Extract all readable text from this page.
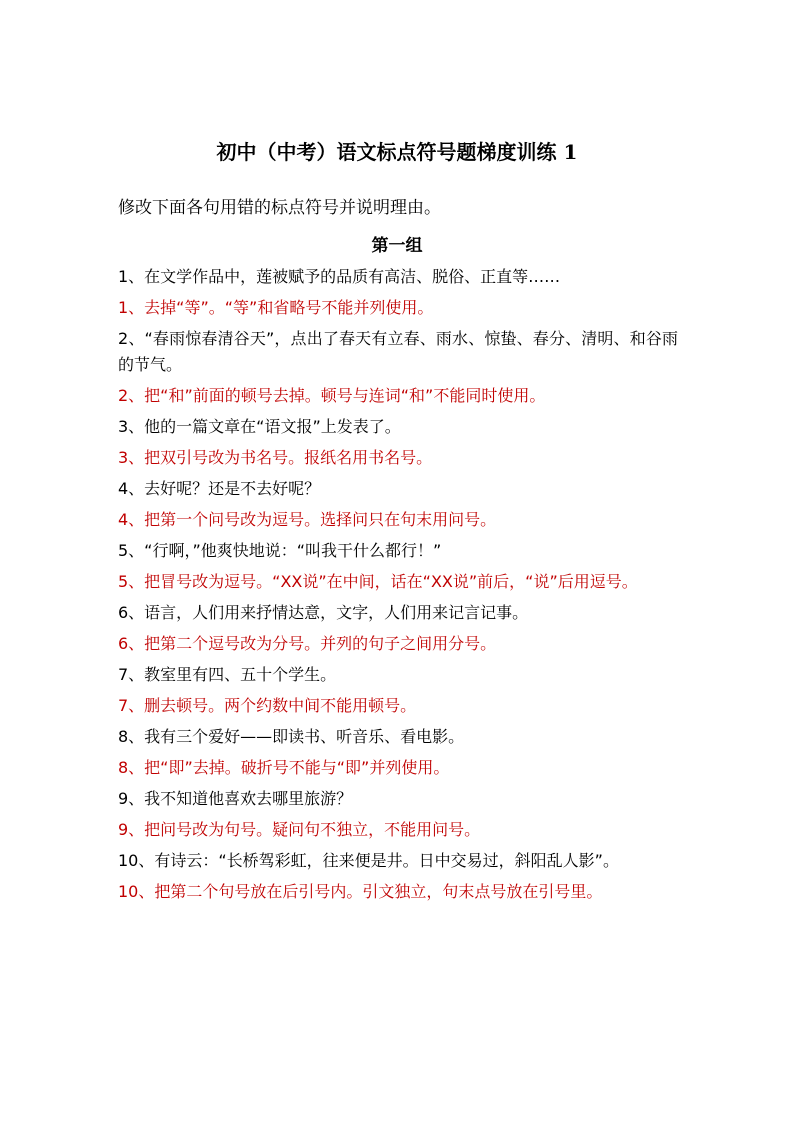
初中（中考）语文标点符号题梯度训练 1
修改下面各句用错的标点符号并说明理由。
第一组
1、在文学作品中，莲被赋予的品质有高洁、脱俗、正直等……
1、去掉“等”。“等”和省略号不能并列使用。
2、“春雨惊春清谷天”，点出了春天有立春、雨水、惊蛰、春分、清明、和谷雨的节气。
2、把“和”前面的顿号去掉。顿号与连词“和”不能同时使用。
3、他的一篇文章在“语文报”上发表了。
3、把双引号改为书名号。报纸名用书名号。
4、去好呢？还是不去好呢？
4、把第一个问号改为逗号。选择问只在句末用问号。
5、“行啊，”他爽快地说：“叫我干什么都行！”
5、把冒号改为逗号。“XX说”在中间，话在“XX说”前后，“说”后用逗号。
6、语言，人们用来抒情达意，文字，人们用来记言记事。
6、把第二个逗号改为分号。并列的句子之间用分号。
7、教室里有四、五十个学生。
7、删去顿号。两个约数中间不能用顿号。
8、我有三个爱好——即读书、听音乐、看电影。
8、把“即”去掉。破折号不能与“即”并列使用。
9、我不知道他喜欢去哪里旅游？
9、把问号改为句号。疑问句不独立，不能用问号。
10、有诗云：“长桥驾彩虹，往来便是井。日中交易过，斜阳乱人影”。
10、把第二个句号放在后引号内。引文独立，句末点号放在引号里。
